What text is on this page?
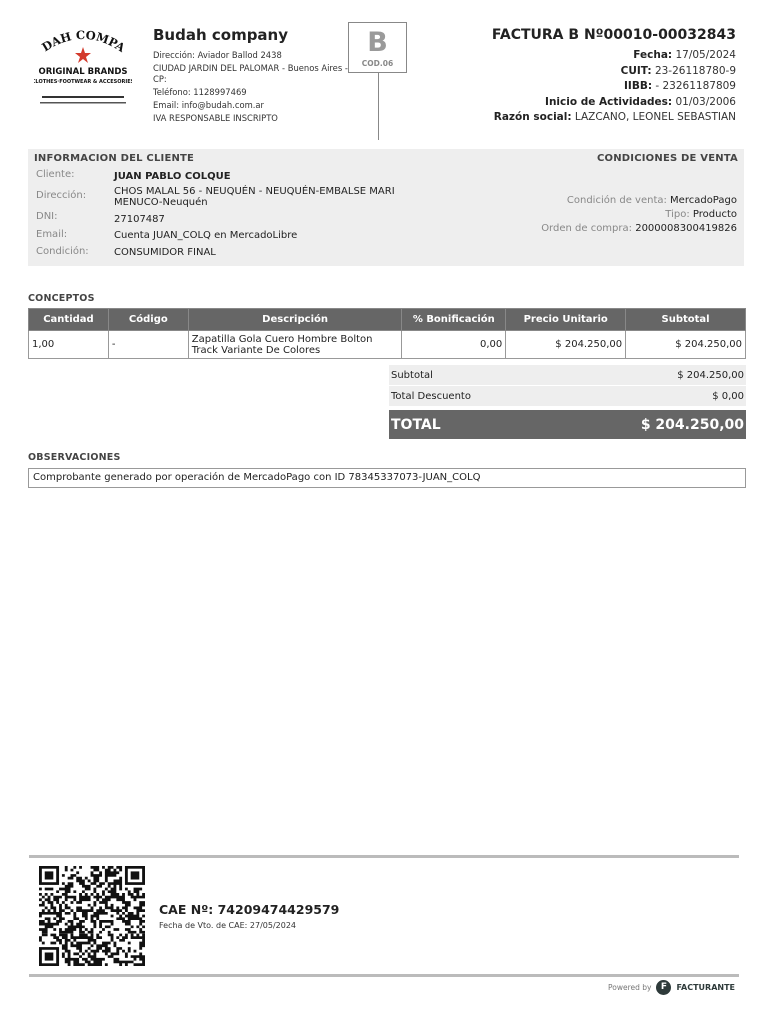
DAH COMPA
ORIGINAL BRANDS
CLOTHES·FOOTWEAR & ACCESORIES
Budah company
Dirección: Aviador Ballod 2438
CIUDAD JARDIN DEL PALOMAR - Buenos Aires - CP:
Teléfono: 1128997469
Email: info@budah.com.ar
IVA RESPONSABLE INSCRIPTO
B
COD.06
FACTURA B Nº00010-00032843
Fecha: 17/05/2024
CUIT: 23-26118780-9
IIBB: - 23261187809
Inicio de Actividades: 01/03/2006
Razón social: LAZCANO, LEONEL SEBASTIAN
INFORMACION DEL CLIENTE	CONDICIONES DE VENTA
Cliente:	JUAN PABLO COLQUE
Dirección:	CHOS MALAL 56 - NEUQUÉN - NEUQUÉN-EMBALSE MARI MENUCO-Neuquén
DNI:	27107487
Email:	Cuenta JUAN_COLQ en MercadoLibre
Condición:	CONSUMIDOR FINAL
Condición de venta: MercadoPago
Tipo: Producto
Orden de compra: 2000008300419826
CONCEPTOS
Cantidad	Código	Descripción	% Bonificación	Precio Unitario	Subtotal
1,00	-	Zapatilla Gola Cuero Hombre Bolton Track Variante De Colores	0,00	$ 204.250,00	$ 204.250,00
Subtotal	$ 204.250,00
Total Descuento	$ 0,00
TOTAL	$ 204.250,00
OBSERVACIONES
Comprobante generado por operación de MercadoPago con ID 78345337073-JUAN_COLQ
CAE Nº: 74209474429579
Fecha de Vto. de CAE: 27/05/2024
Powered by	F	FACTURANTE
